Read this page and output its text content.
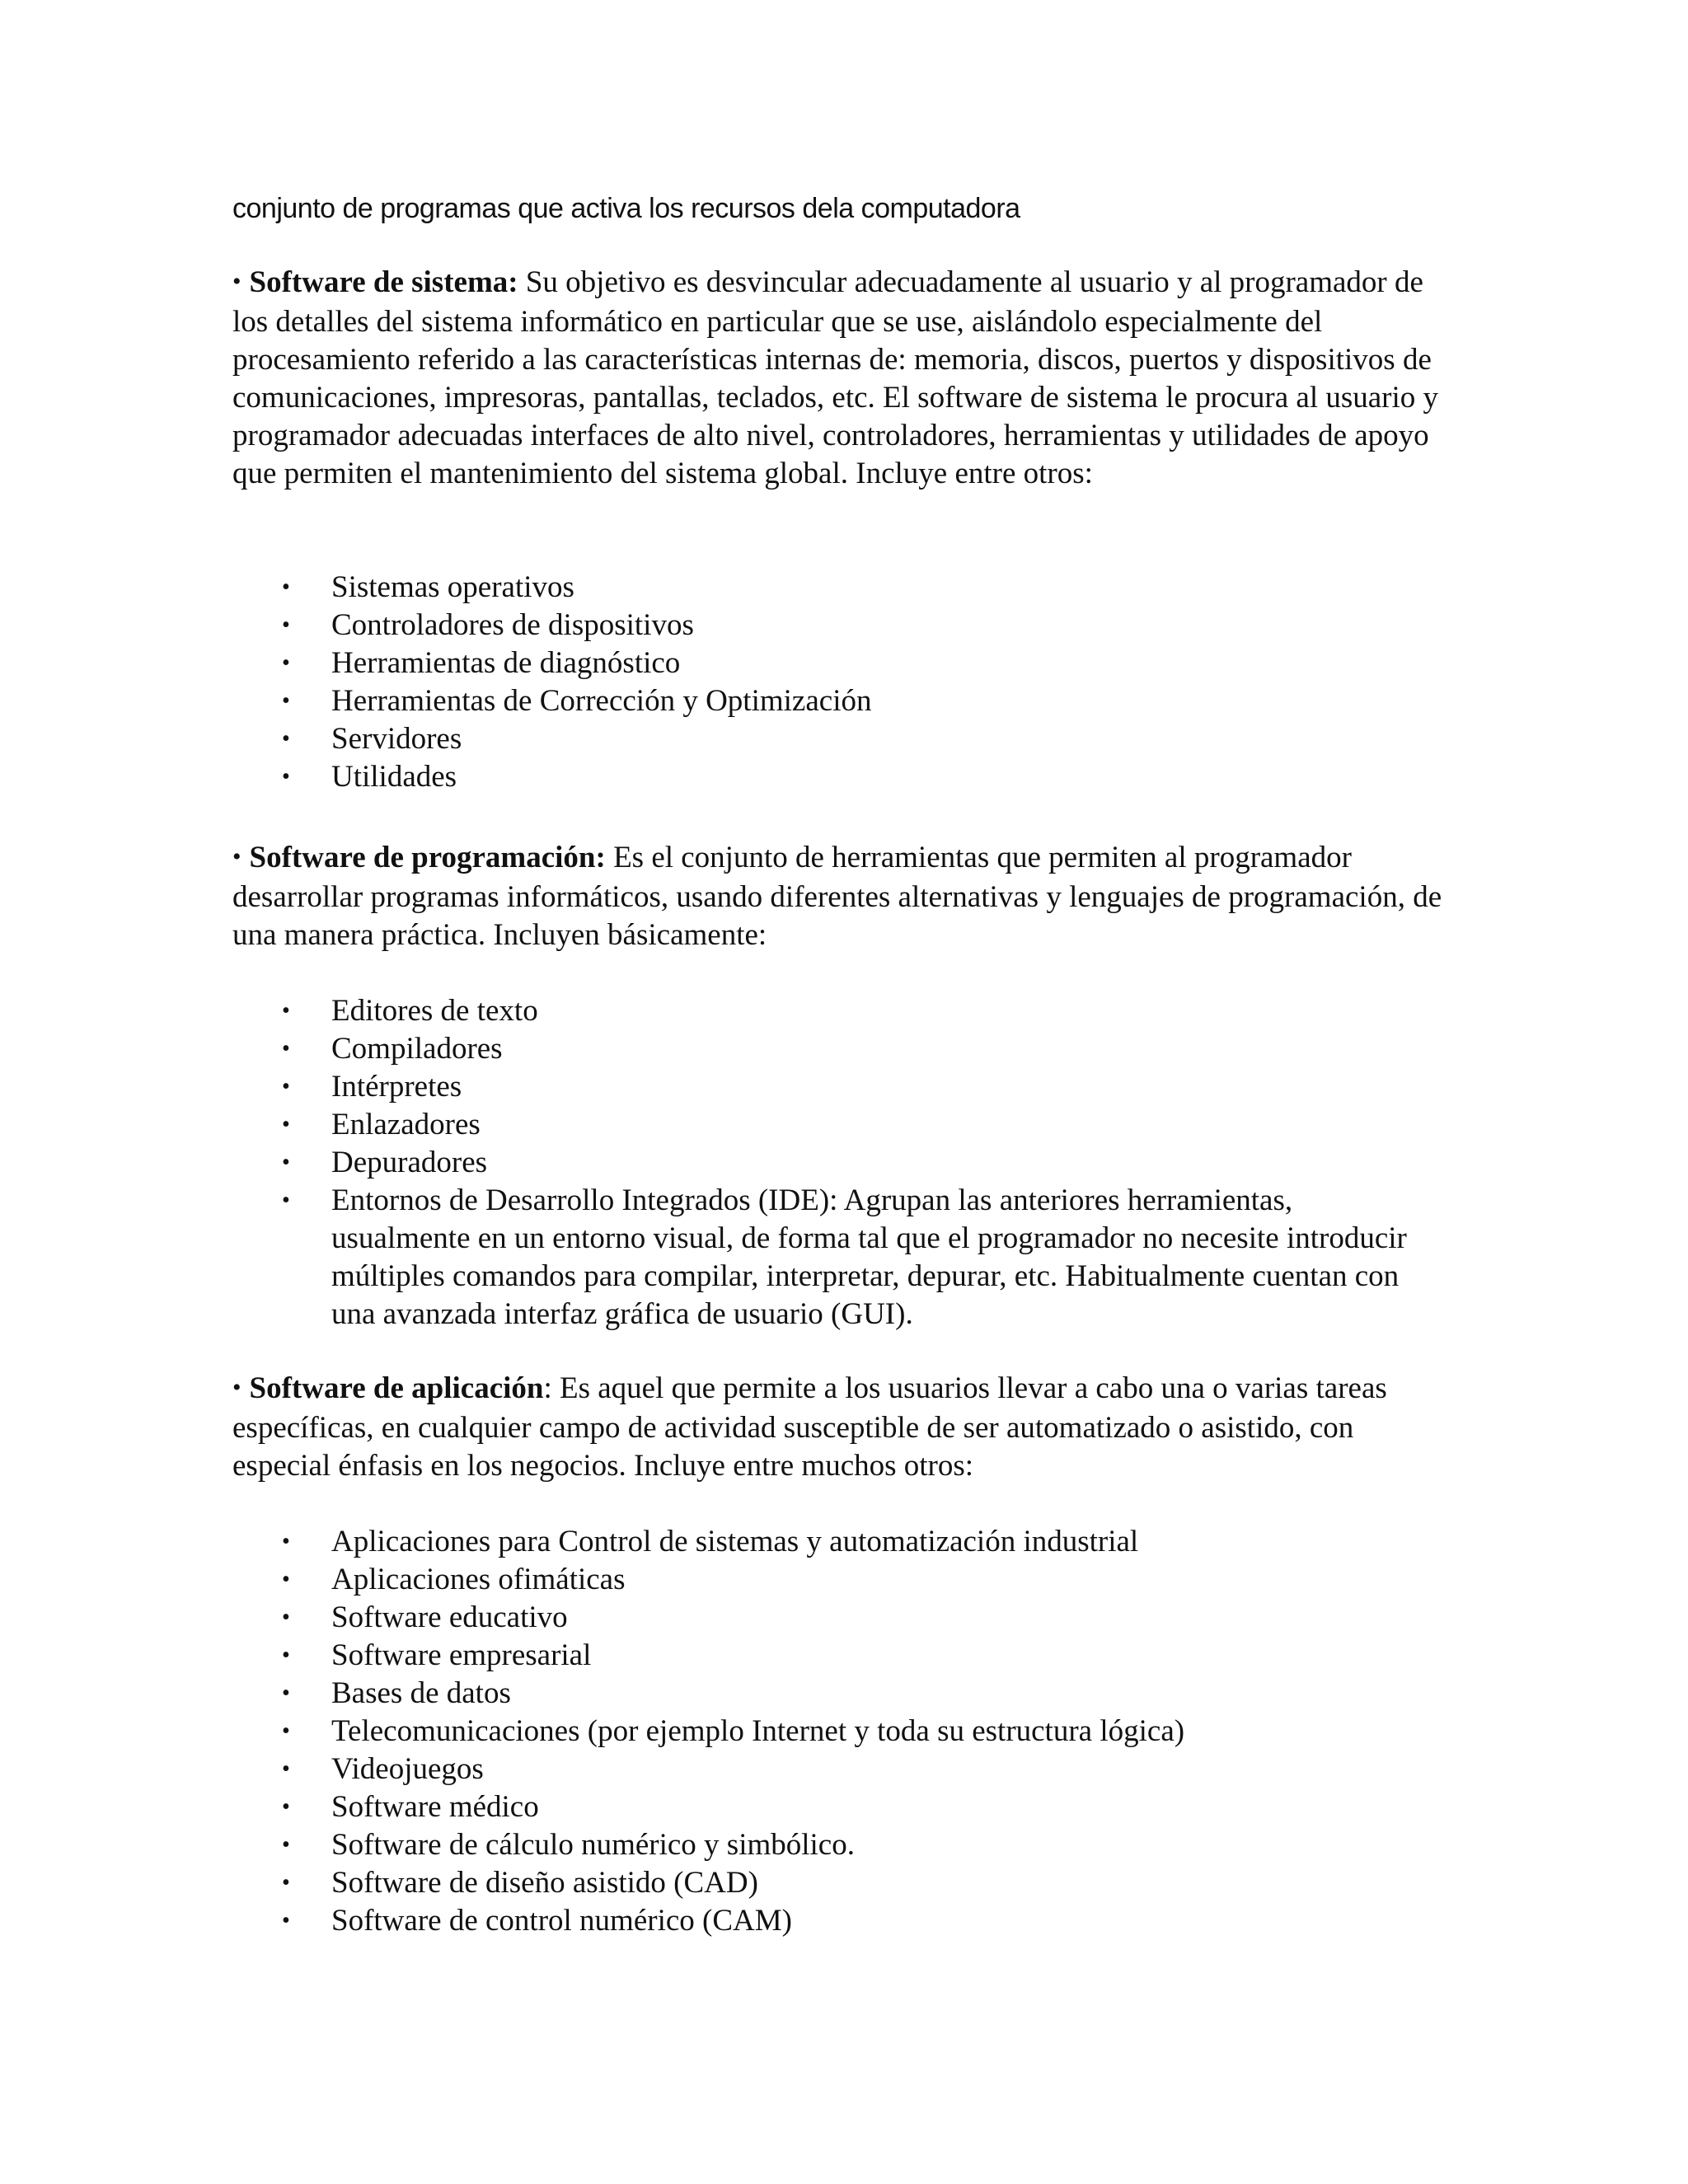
conjunto de programas que activa los recursos dela computadora

• Software de sistema: Su objetivo es desvincular adecuadamente al usuario y al programador de los detalles del sistema informático en particular que se use, aislándolo especialmente del procesamiento referido a las características internas de: memoria, discos, puertos y dispositivos de comunicaciones, impresoras, pantallas, teclados, etc. El software de sistema le procura al usuario y programador adecuadas interfaces de alto nivel, controladores, herramientas y utilidades de apoyo que permiten el mantenimiento del sistema global. Incluye entre otros:

• Sistemas operativos
• Controladores de dispositivos
• Herramientas de diagnóstico
• Herramientas de Corrección y Optimización
• Servidores
• Utilidades

• Software de programación: Es el conjunto de herramientas que permiten al programador desarrollar programas informáticos, usando diferentes alternativas y lenguajes de programación, de una manera práctica. Incluyen básicamente:

• Editores de texto
• Compiladores
• Intérpretes
• Enlazadores
• Depuradores
• Entornos de Desarrollo Integrados (IDE): Agrupan las anteriores herramientas, usualmente en un entorno visual, de forma tal que el programador no necesite introducir múltiples comandos para compilar, interpretar, depurar, etc. Habitualmente cuentan con una avanzada interfaz gráfica de usuario (GUI).

• Software de aplicación: Es aquel que permite a los usuarios llevar a cabo una o varias tareas específicas, en cualquier campo de actividad susceptible de ser automatizado o asistido, con especial énfasis en los negocios. Incluye entre muchos otros:

• Aplicaciones para Control de sistemas y automatización industrial
• Aplicaciones ofimáticas
• Software educativo
• Software empresarial
• Bases de datos
• Telecomunicaciones (por ejemplo Internet y toda su estructura lógica)
• Videojuegos
• Software médico
• Software de cálculo numérico y simbólico.
• Software de diseño asistido (CAD)
• Software de control numérico (CAM)
